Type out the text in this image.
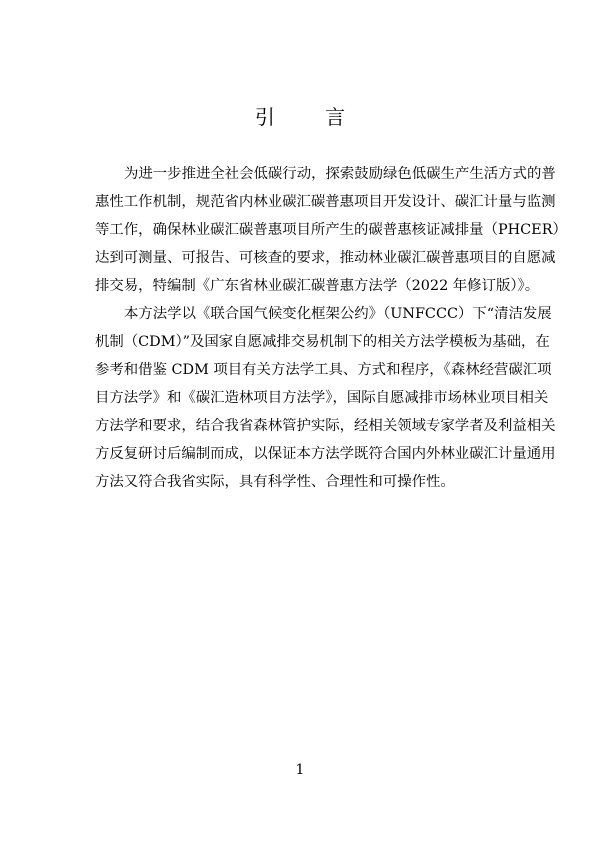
引 言
为进一步推进全社会低碳行动，探索鼓励绿色低碳生产生活方式的普
惠性工作机制，规范省内林业碳汇碳普惠项目开发设计、碳汇计量与监测
等工作，确保林业碳汇碳普惠项目所产生的碳普惠核证减排量（PHCER）
达到可测量、可报告、可核查的要求，推动林业碳汇碳普惠项目的自愿减
排交易，特编制《广东省林业碳汇碳普惠方法学（2022 年修订版）》。
本方法学以《联合国气候变化框架公约》（UNFCCC）下“清洁发展
机制（CDM）”及国家自愿减排交易机制下的相关方法学模板为基础，在
参考和借鉴 CDM 项目有关方法学工具、方式和程序，《森林经营碳汇项
目方法学》和《碳汇造林项目方法学》，国际自愿减排市场林业项目相关
方法学和要求，结合我省森林管护实际，经相关领域专家学者及利益相关
方反复研讨后编制而成，以保证本方法学既符合国内外林业碳汇计量通用
方法又符合我省实际，具有科学性、合理性和可操作性。
1
